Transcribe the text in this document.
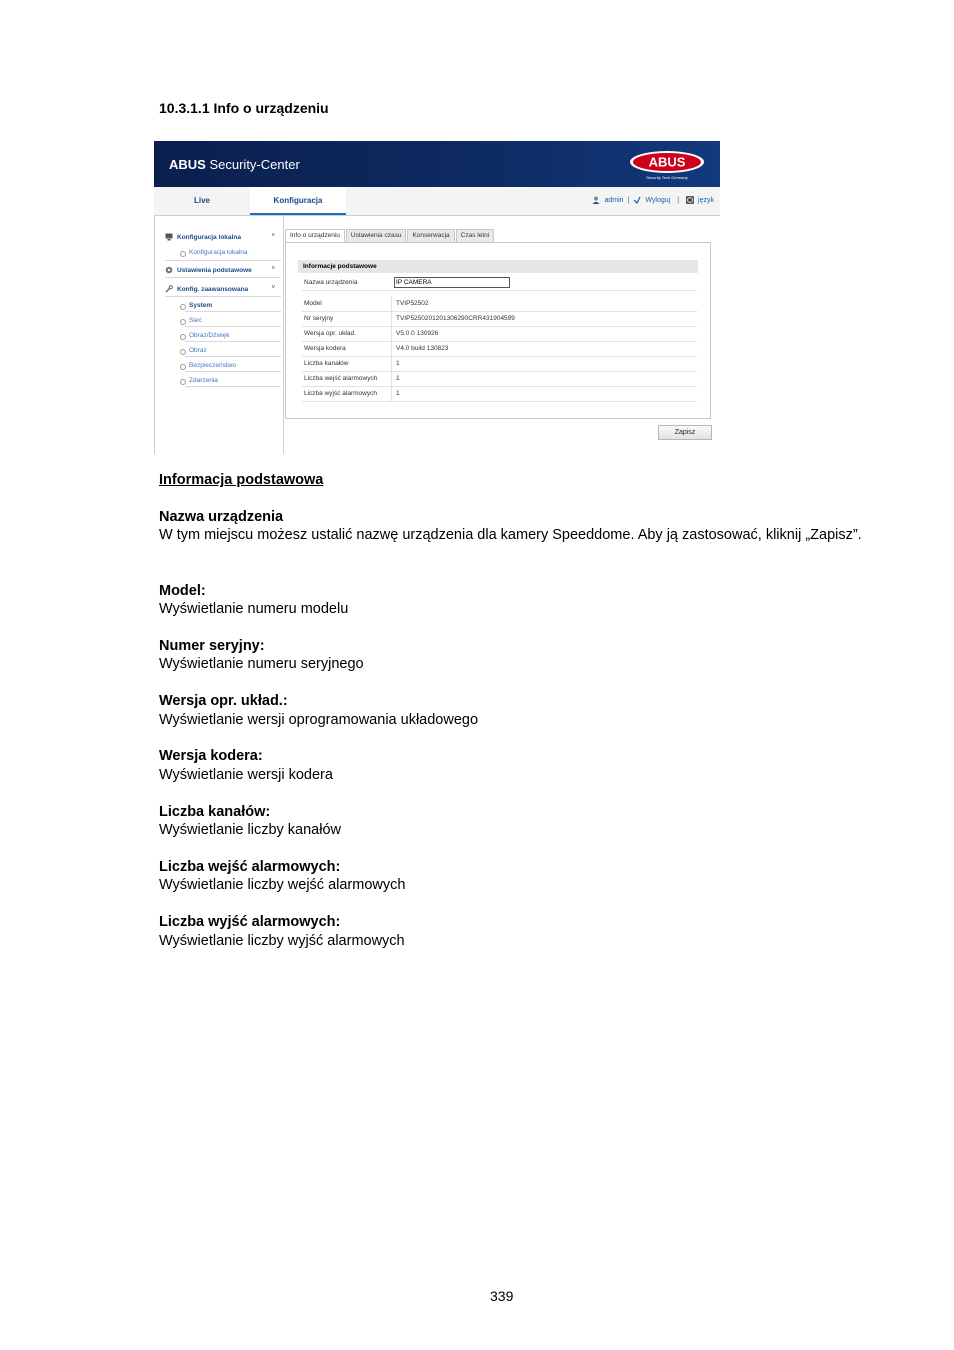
10.3.1.1 Info o urządzeniu
ABUS Security-Center	ABUS
Security Tech Germany
Live	Konfiguracja	admin | Wyloguj |	język
Konfiguracja lokalna	˅
Konfiguracja lokalna
Ustawienia podstawowe	˄
Konfig. zaawansowana	˅
System
Sieć
Obraz/Dźwięk
Obraz
Bezpieczeństwo
Zdarzenia
Info o urządzeniu	Ustawienia czasu	Konserwacja	Czas letni
Informacje podstawowe
Nazwa urządzenia	IP CAMERA
Model	TVIP52502
Nr seryjny	TVIP5250201201306290CRR431904599
Wersja opr. układ.	V5.0.0 130926
Wersja kodera	V4.0 build 130823
Liczba kanałów	1
Liczba wejść alarmowych	1
Liczba wyjść alarmowych	1
Zapisz
Informacja podstawowa
Nazwa urządzenia
W tym miejscu możesz ustalić nazwę urządzenia dla kamery Speeddome. Aby ją zastosować, kliknij „Zapisz”.
Model:
Wyświetlanie numeru modelu
Numer seryjny:
Wyświetlanie numeru seryjnego
Wersja opr. układ.:
Wyświetlanie wersji oprogramowania układowego
Wersja kodera:
Wyświetlanie wersji kodera
Liczba kanałów:
Wyświetlanie liczby kanałów
Liczba wejść alarmowych:
Wyświetlanie liczby wejść alarmowych
Liczba wyjść alarmowych:
Wyświetlanie liczby wyjść alarmowych
339
